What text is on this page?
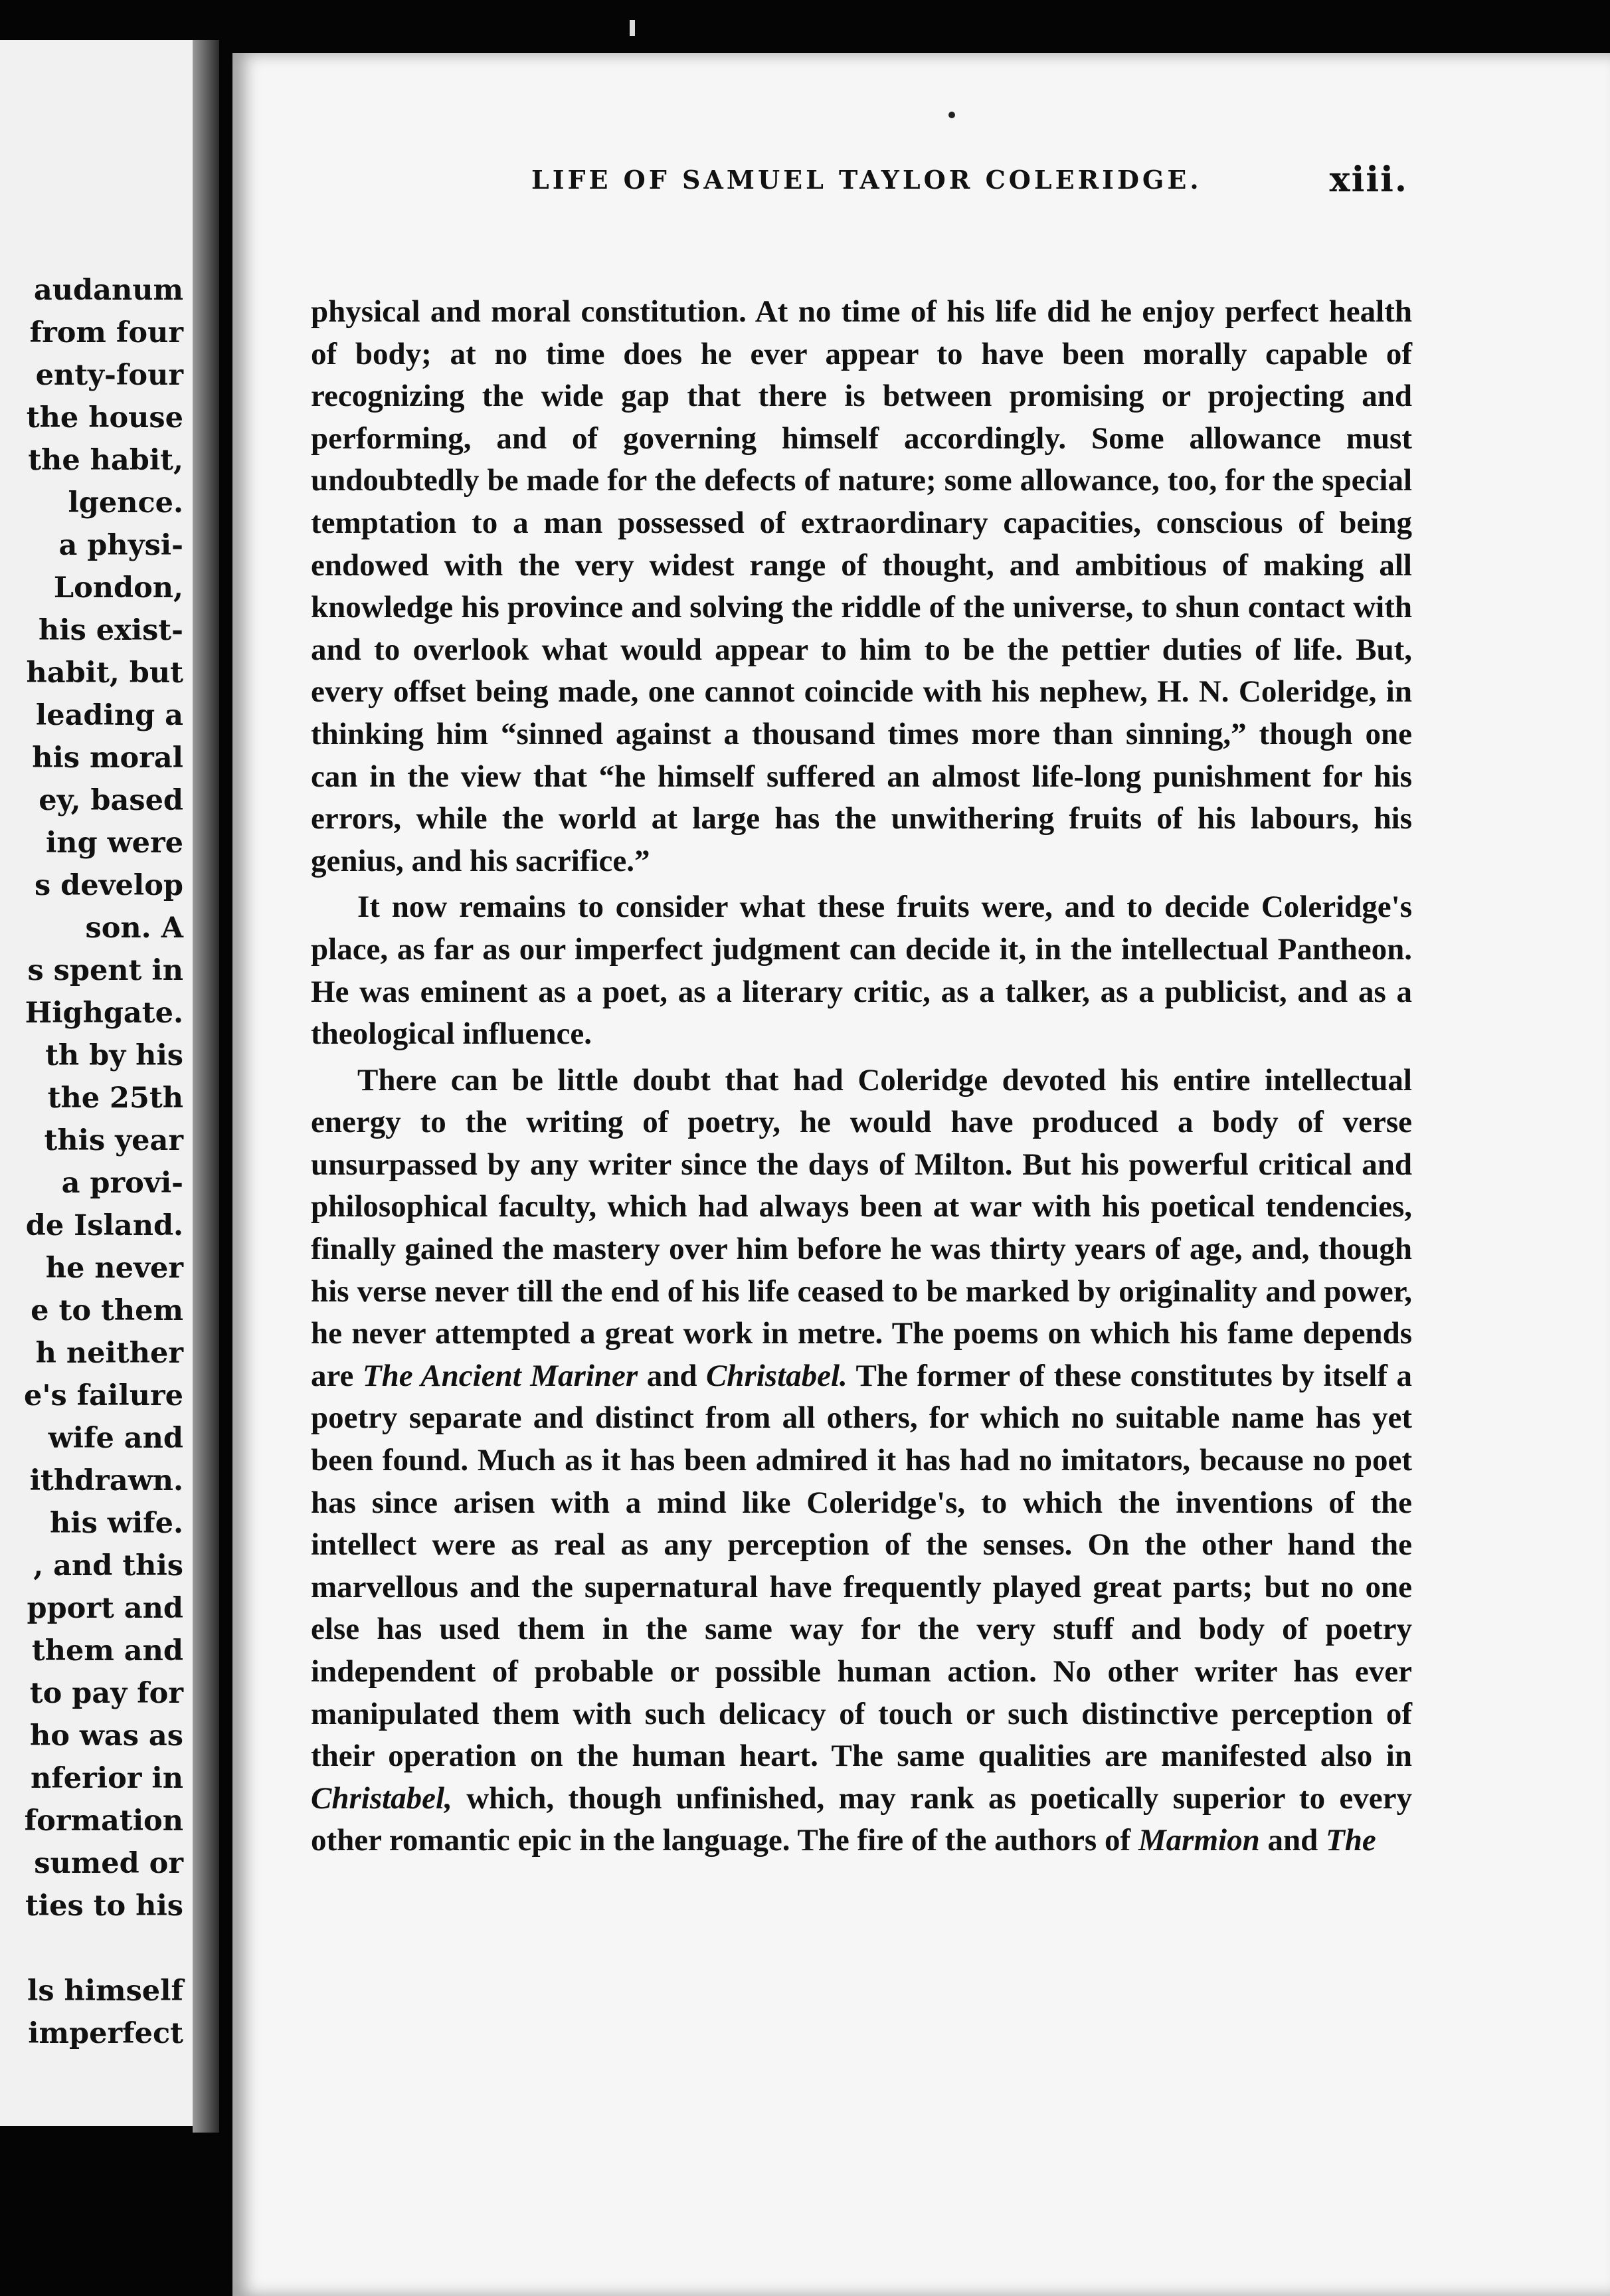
audanum
from four
enty-four
the house
the habit,
lgence.
a physi-
London,
his exist-
habit, but
leading a
his moral
ey, based
ing were
s develop
son. A
s spent in
Highgate.
th by his
the 25th
this year
a provi-
de Island.
he never
e to them
h neither
e's failure
wife and
ithdrawn.
his wife.
, and this
pport and
them and
to pay for
ho was as
nferior in
formation
sumed or
ties to his
ls himself
imperfect
LIFE OF SAMUEL TAYLOR COLERIDGE.	xiii.

physical and moral constitution. At no time of his life did he enjoy perfect health of body; at no time does he ever appear to have been morally capable of recognizing the wide gap that there is between promising or projecting and performing, and of governing himself accordingly. Some allowance must undoubtedly be made for the defects of nature; some allowance, too, for the special temptation to a man possessed of extraordinary capacities, conscious of being endowed with the very widest range of thought, and ambitious of making all knowledge his province and solving the riddle of the universe, to shun contact with and to overlook what would appear to him to be the pettier duties of life. But, every offset being made, one cannot coincide with his nephew, H. N. Coleridge, in thinking him “sinned against a thousand times more than sinning,” though one can in the view that “he himself suffered an almost life-long punishment for his errors, while the world at large has the unwithering fruits of his labours, his genius, and his sacrifice.”

It now remains to consider what these fruits were, and to decide Coleridge's place, as far as our imperfect judgment can decide it, in the intellectual Pantheon. He was eminent as a poet, as a literary critic, as a talker, as a publicist, and as a theological influence.

There can be little doubt that had Coleridge devoted his entire intellectual energy to the writing of poetry, he would have produced a body of verse unsurpassed by any writer since the days of Milton. But his powerful critical and philosophical faculty, which had always been at war with his poetical tendencies, finally gained the mastery over him before he was thirty years of age, and, though his verse never till the end of his life ceased to be marked by originality and power, he never attempted a great work in metre. The poems on which his fame depends are The Ancient Mariner and Christabel. The former of these constitutes by itself a poetry separate and distinct from all others, for which no suitable name has yet been found. Much as it has been admired it has had no imitators, because no poet has since arisen with a mind like Coleridge's, to which the inventions of the intellect were as real as any perception of the senses. On the other hand the marvellous and the supernatural have frequently played great parts; but no one else has used them in the same way for the very stuff and body of poetry independent of probable or possible human action. No other writer has ever manipulated them with such delicacy of touch or such distinctive perception of their operation on the human heart. The same qualities are manifested also in Christabel, which, though unfinished, may rank as poetically superior to every other romantic epic in the language. The fire of the authors of Marmion and The
